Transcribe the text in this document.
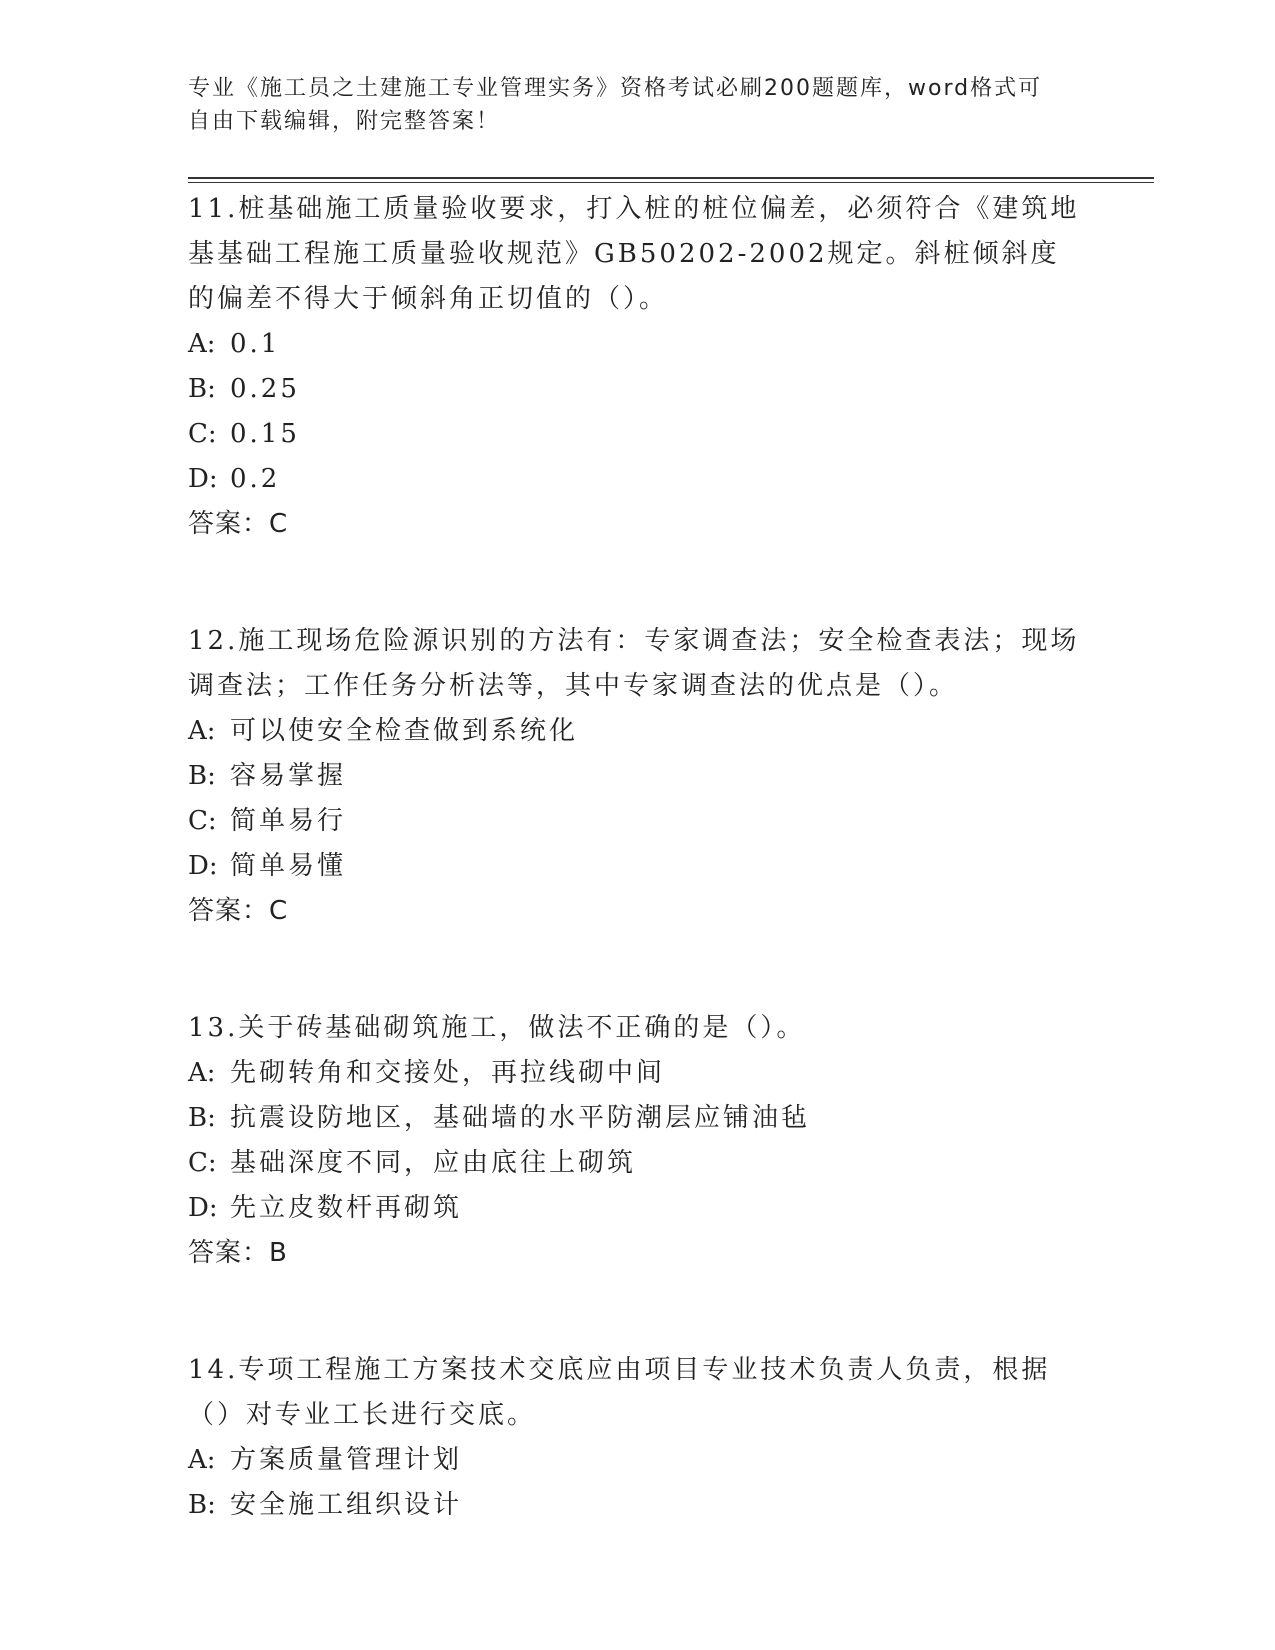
专业《施工员之土建施工专业管理实务》资格考试必刷200题题库，word格式可
自由下载编辑，附完整答案！

11.桩基础施工质量验收要求，打入桩的桩位偏差，必须符合《建筑地基基础工程施工质量验收规范》GB50202-2002规定。斜桩倾斜度的偏差不得大于倾斜角正切值的（）。

A: 0.1

B: 0.25

C: 0.15

D: 0.2

答案：C

12.施工现场危险源识别的方法有：专家调查法；安全检查表法；现场调查法；工作任务分析法等，其中专家调查法的优点是（）。

A: 可以使安全检查做到系统化

B: 容易掌握

C: 简单易行

D: 简单易懂

答案：C

13.关于砖基础砌筑施工，做法不正确的是（）。

A: 先砌转角和交接处，再拉线砌中间

B: 抗震设防地区，基础墙的水平防潮层应铺油毡

C: 基础深度不同，应由底往上砌筑

D: 先立皮数杆再砌筑

答案：B

14.专项工程施工方案技术交底应由项目专业技术负责人负责，根据（）对专业工长进行交底。

A: 方案质量管理计划

B: 安全施工组织设计
